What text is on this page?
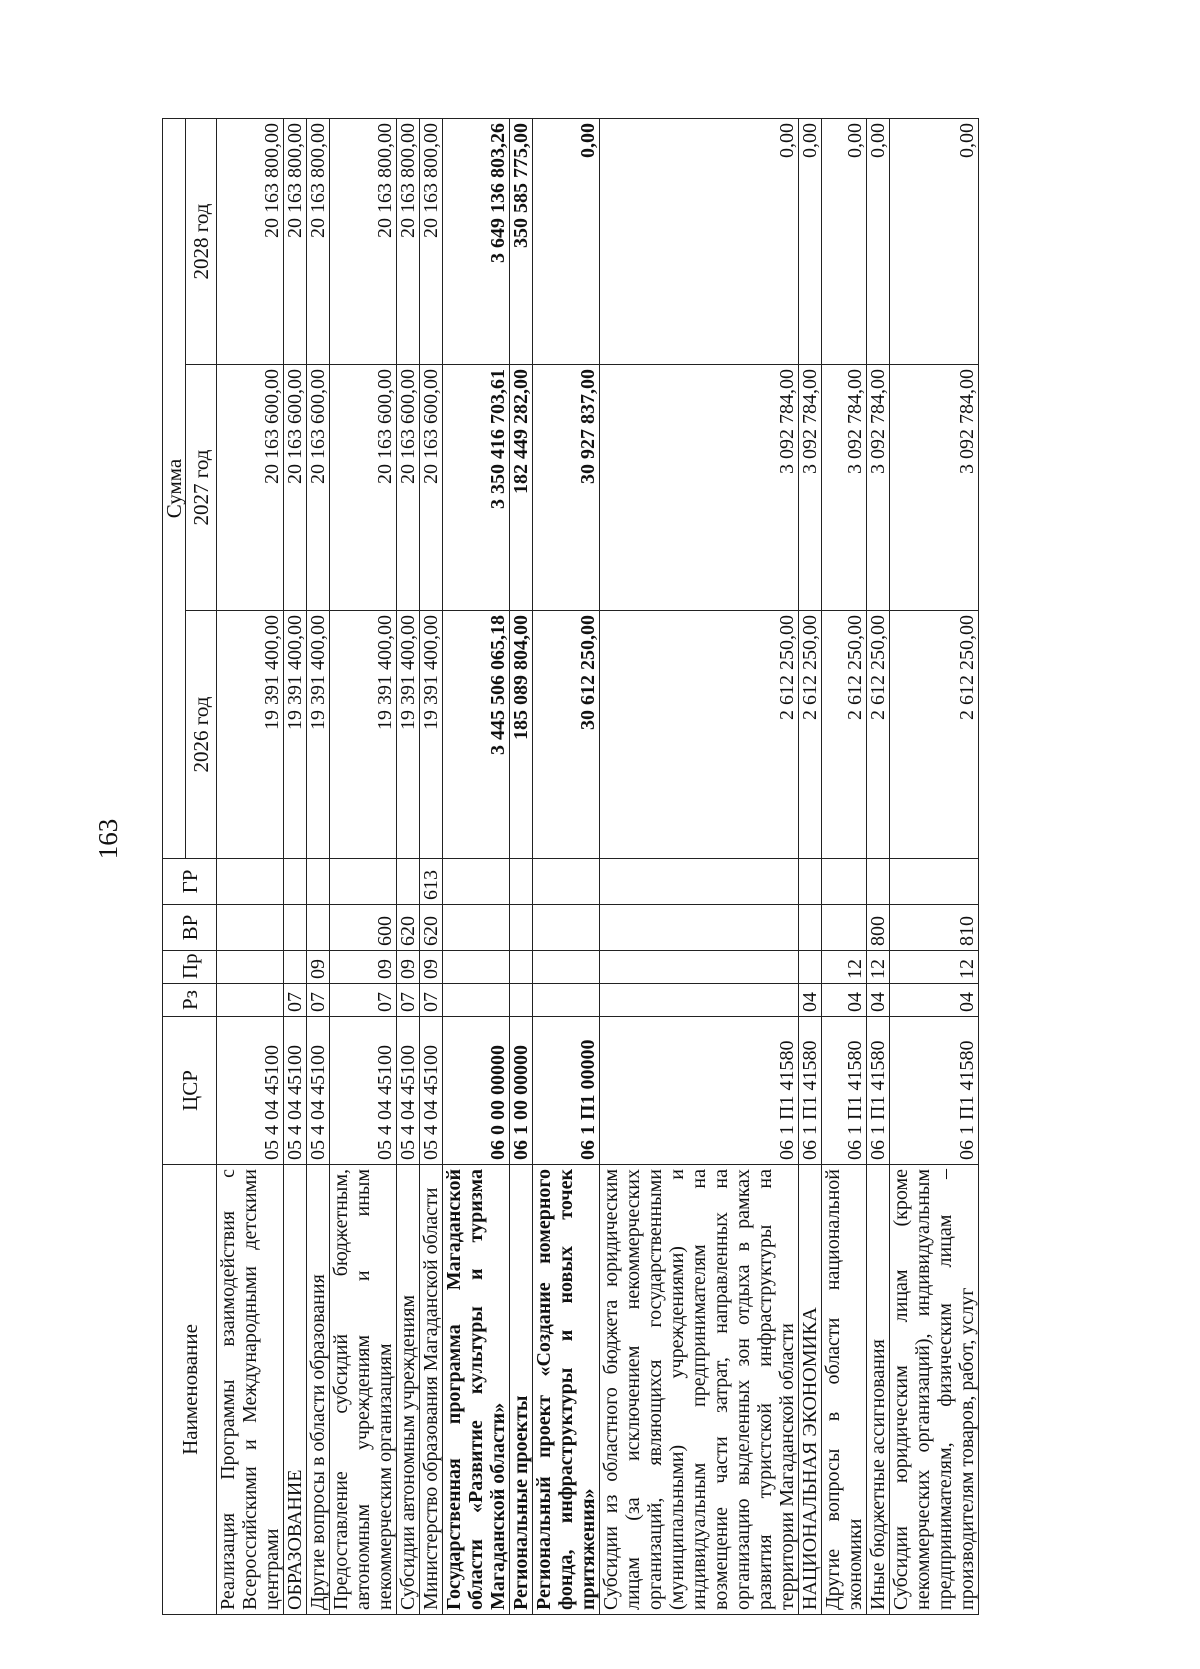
163
Наименование	ЦСР	Рз	Пр	ВР	ГР	Сумма		
						2026 год	2027 год	2028 год
Реализация Программы взаимодействия с Всероссийскими и Международными детскими центрами	05 4 04 45100					19 391 400,00	20 163 600,00	20 163 800,00
ОБРАЗОВАНИЕ	05 4 04 45100	07				19 391 400,00	20 163 600,00	20 163 800,00
Другие вопросы в области образования	05 4 04 45100	07	09			19 391 400,00	20 163 600,00	20 163 800,00
Предоставление субсидий бюджетным, автономным учреждениям и иным некоммерческим организациям	05 4 04 45100	07	09	600		19 391 400,00	20 163 600,00	20 163 800,00
Субсидии автономным учреждениям	05 4 04 45100	07	09	620		19 391 400,00	20 163 600,00	20 163 800,00
Министерство образования Магаданской области	05 4 04 45100	07	09	620	613	19 391 400,00	20 163 600,00	20 163 800,00
Государственная программа Магаданской области «Развитие культуры и туризма Магаданской области»	06 0 00 00000					3 445 506 065,18	3 350 416 703,61	3 649 136 803,26
Региональные проекты	06 1 00 00000					185 089 804,00	182 449 282,00	350 585 775,00
Региональный проект «Создание номерного фонда, инфраструктуры и новых точек притяжения»	06 1 П1 00000					30 612 250,00	30 927 837,00	0,00
Субсидии из областного бюджета юридическим лицам (за исключением некоммерческих организаций, являющихся государственными (муниципальными) учреждениями) и индивидуальным предпринимателям на возмещение части затрат, направленных на организацию выделенных зон отдыха в рамках развития туристской инфраструктуры на территории Магаданской области	06 1 П1 41580					2 612 250,00	3 092 784,00	0,00
НАЦИОНАЛЬНАЯ ЭКОНОМИКА	06 1 П1 41580	04				2 612 250,00	3 092 784,00	0,00
Другие вопросы в области национальной экономики	06 1 П1 41580	04	12			2 612 250,00	3 092 784,00	0,00
Иные бюджетные ассигнования	06 1 П1 41580	04	12	800		2 612 250,00	3 092 784,00	0,00
Субсидии юридическим лицам (кроме некоммерческих организаций), индивидуальным предпринимателям, физическим лицам – производителям товаров, работ, услуг	06 1 П1 41580	04	12	810		2 612 250,00	3 092 784,00	0,00
